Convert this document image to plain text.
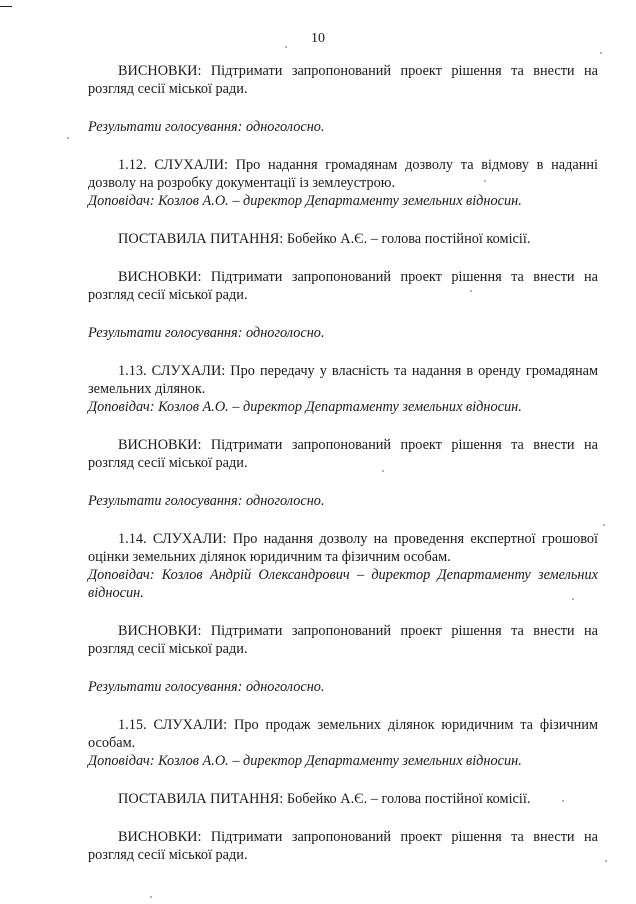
10

ВИСНОВКИ: Підтримати запропонований проект рішення та внести на розгляд сесії міської ради.

Результати голосування: одноголосно.

1.12. СЛУХАЛИ: Про надання громадянам дозволу та відмову в наданні дозволу на розробку документації із землеустрою.

Доповідач: Козлов А.О. – директор Департаменту земельних відносин.

ПОСТАВИЛА ПИТАННЯ: Бобейко А.Є. – голова постійної комісії.

ВИСНОВКИ: Підтримати запропонований проект рішення та внести на розгляд сесії міської ради.

Результати голосування: одноголосно.

1.13. СЛУХАЛИ: Про передачу у власність та надання в оренду громадянам земельних ділянок.

Доповідач: Козлов А.О. – директор Департаменту земельних відносин.

ВИСНОВКИ: Підтримати запропонований проект рішення та внести на розгляд сесії міської ради.

Результати голосування: одноголосно.

1.14. СЛУХАЛИ: Про надання дозволу на проведення експертної грошової оцінки земельних ділянок юридичним та фізичним особам.

Доповідач: Козлов Андрій Олександрович – директор Департаменту земельних відносин.

ВИСНОВКИ: Підтримати запропонований проект рішення та внести на розгляд сесії міської ради.

Результати голосування: одноголосно.

1.15. СЛУХАЛИ: Про продаж земельних ділянок юридичним та фізичним особам.

Доповідач: Козлов А.О. – директор Департаменту земельних відносин.

ПОСТАВИЛА ПИТАННЯ: Бобейко А.Є. – голова постійної комісії.

ВИСНОВКИ: Підтримати запропонований проект рішення та внести на розгляд сесії міської ради.
